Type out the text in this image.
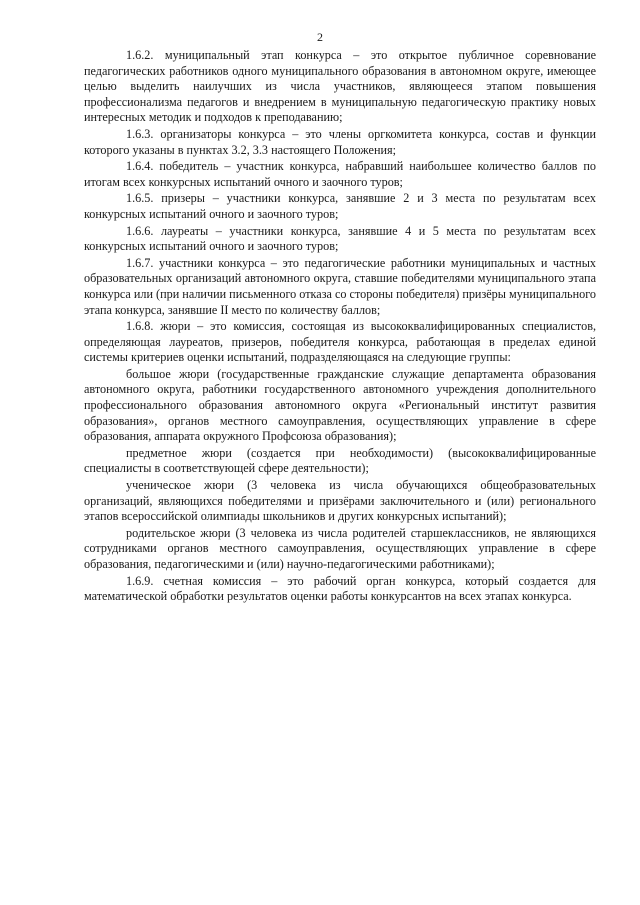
2

1.6.2. муниципальный этап конкурса – это открытое публичное соревнование педагогических работников одного муниципального образования в автономном округе, имеющее целью выделить наилучших из числа участников, являющееся этапом повышения профессионализма педагогов и внедрением в муниципальную педагогическую практику новых интересных методик и подходов к преподаванию;

1.6.3. организаторы конкурса – это члены оргкомитета конкурса, состав и функции которого указаны в пунктах 3.2, 3.3 настоящего Положения;

1.6.4. победитель – участник конкурса, набравший наибольшее количество баллов по итогам всех конкурсных испытаний очного и заочного туров;

1.6.5. призеры – участники конкурса, занявшие 2 и 3 места по результатам всех конкурсных испытаний очного и заочного туров;

1.6.6. лауреаты – участники конкурса, занявшие 4 и 5 места по результатам всех конкурсных испытаний очного и заочного туров;

1.6.7. участники конкурса – это педагогические работники муниципальных и частных образовательных организаций автономного округа, ставшие победителями муниципального этапа конкурса или (при наличии письменного отказа со стороны победителя) призёры муниципального этапа конкурса, занявшие II место по количеству баллов;

1.6.8. жюри – это комиссия, состоящая из высококвалифицированных специалистов, определяющая лауреатов, призеров, победителя конкурса, работающая в пределах единой системы критериев оценки испытаний, подразделяющаяся на следующие группы:

большое жюри (государственные гражданские служащие департамента образования автономного округа, работники государственного автономного учреждения дополнительного профессионального образования автономного округа «Региональный институт развития образования», органов местного самоуправления, осуществляющих управление в сфере образования, аппарата окружного Профсоюза образования);

предметное жюри (создается при необходимости) (высококвалифицированные специалисты в соответствующей сфере деятельности);

ученическое жюри (3 человека из числа обучающихся общеобразовательных организаций, являющихся победителями и призёрами заключительного и (или) регионального этапов всероссийской олимпиады школьников и других конкурсных испытаний);

родительское жюри (3 человека из числа родителей старшеклассников, не являющихся сотрудниками органов местного самоуправления, осуществляющих управление в сфере образования, педагогическими и (или) научно-педагогическими работниками);

1.6.9. счетная комиссия – это рабочий орган конкурса, который создается для математической обработки результатов оценки работы конкурсантов на всех этапах конкурса.
